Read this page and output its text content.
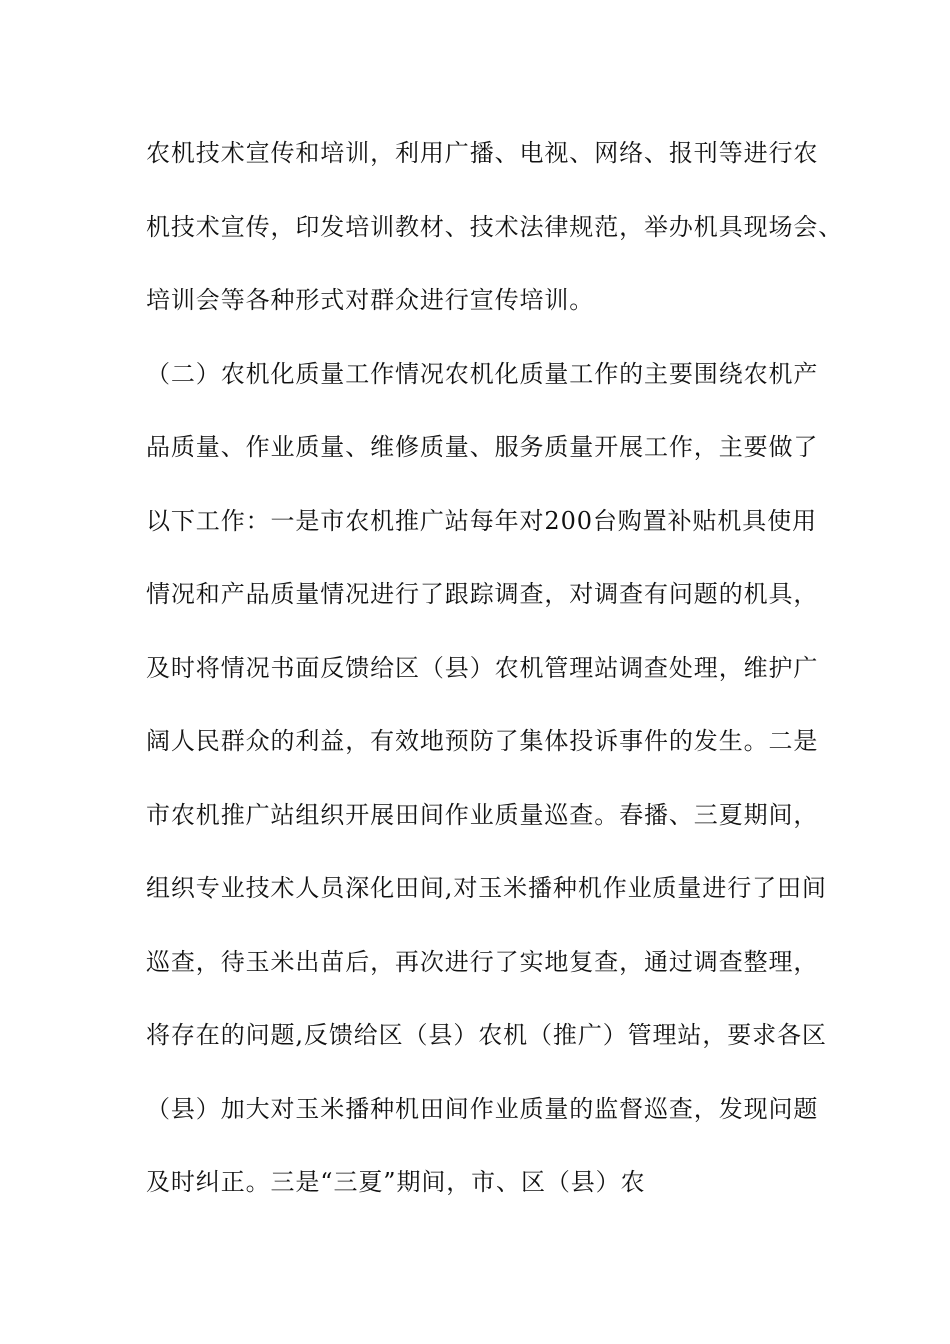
农机技术宣传和培训，利用广播、电视、网络、报刊等进行农
机技术宣传，印发培训教材、技术法律规范，举办机具现场会、
培训会等各种形式对群众进行宣传培训。
（二）农机化质量工作情况农机化质量工作的主要围绕农机产
品质量、作业质量、维修质量、服务质量开展工作，主要做了
以下工作：一是市农机推广站每年对200台购置补贴机具使用
情况和产品质量情况进行了跟踪调查，对调查有问题的机具，
及时将情况书面反馈给区（县）农机管理站调查处理，维护广
阔人民群众的利益，有效地预防了集体投诉事件的发生。二是
市农机推广站组织开展田间作业质量巡查。春播、三夏期间，
组织专业技术人员深化田间,对玉米播种机作业质量进行了田间
巡查，待玉米出苗后，再次进行了实地复查，通过调查整理，
将存在的问题,反馈给区（县）农机（推广）管理站，要求各区
（县）加大对玉米播种机田间作业质量的监督巡查，发现问题
及时纠正。三是“三夏”期间，市、区（县）农
